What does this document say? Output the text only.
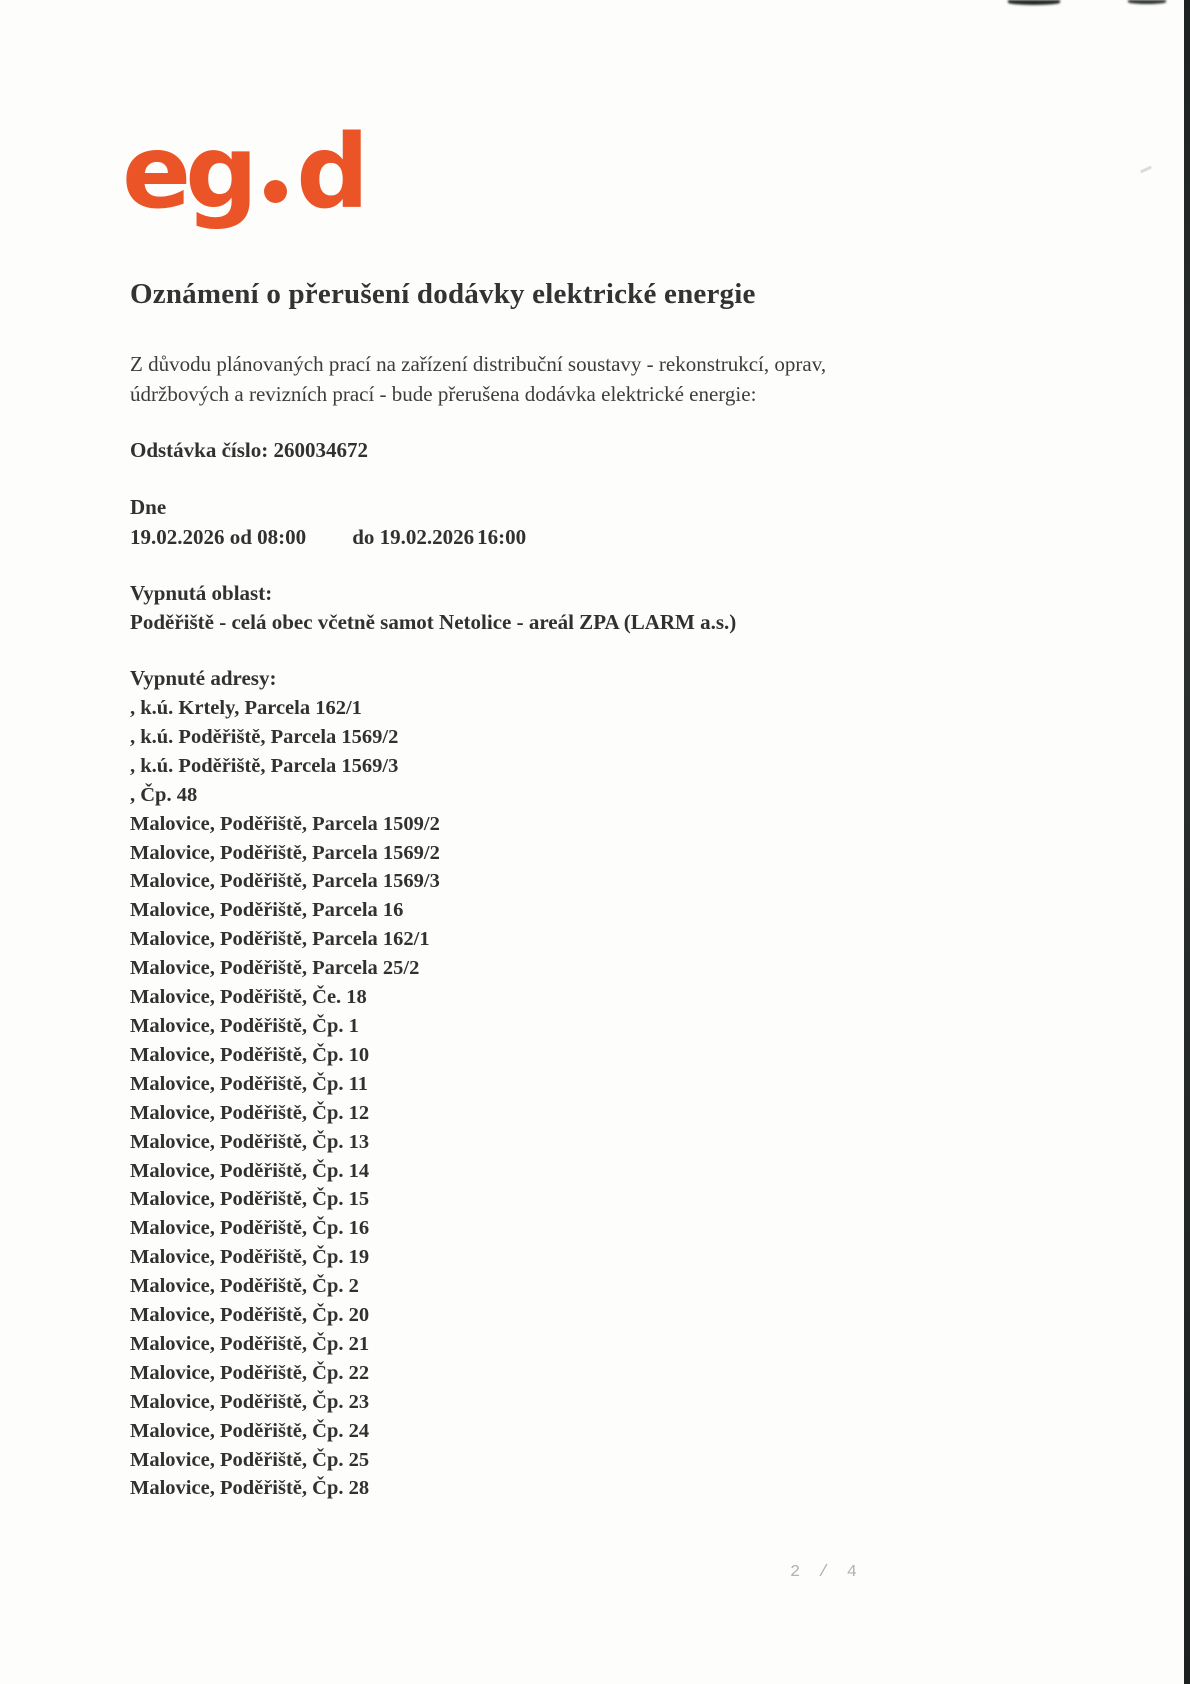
eg d
Oznámení o přerušení dodávky elektrické energie

Z důvodu plánovaných prací na zařízení distribuční soustavy - rekonstrukcí, oprav, údržbových a revizních prací - bude přerušena dodávka elektrické energie:

Odstávka číslo: 260034672

Dne

19.02.2026 od 08:00 do 19.02.2026 16:00

Vypnutá oblast:

Poděřiště - celá obec včetně samot Netolice - areál ZPA (LARM a.s.)

Vypnuté adresy:

, k.ú. Krtely, Parcela 162/1
, k.ú. Poděřiště, Parcela 1569/2
, k.ú. Poděřiště, Parcela 1569/3
, Čp. 48
Malovice, Poděřiště, Parcela 1509/2
Malovice, Poděřiště, Parcela 1569/2
Malovice, Poděřiště, Parcela 1569/3
Malovice, Poděřiště, Parcela 16
Malovice, Poděřiště, Parcela 162/1
Malovice, Poděřiště, Parcela 25/2
Malovice, Poděřiště, Če. 18
Malovice, Poděřiště, Čp. 1
Malovice, Poděřiště, Čp. 10
Malovice, Poděřiště, Čp. 11
Malovice, Poděřiště, Čp. 12
Malovice, Poděřiště, Čp. 13
Malovice, Poděřiště, Čp. 14
Malovice, Poděřiště, Čp. 15
Malovice, Poděřiště, Čp. 16
Malovice, Poděřiště, Čp. 19
Malovice, Poděřiště, Čp. 2
Malovice, Poděřiště, Čp. 20
Malovice, Poděřiště, Čp. 21
Malovice, Poděřiště, Čp. 22
Malovice, Poděřiště, Čp. 23
Malovice, Poděřiště, Čp. 24
Malovice, Poděřiště, Čp. 25
Malovice, Poděřiště, Čp. 28
2 / 4
